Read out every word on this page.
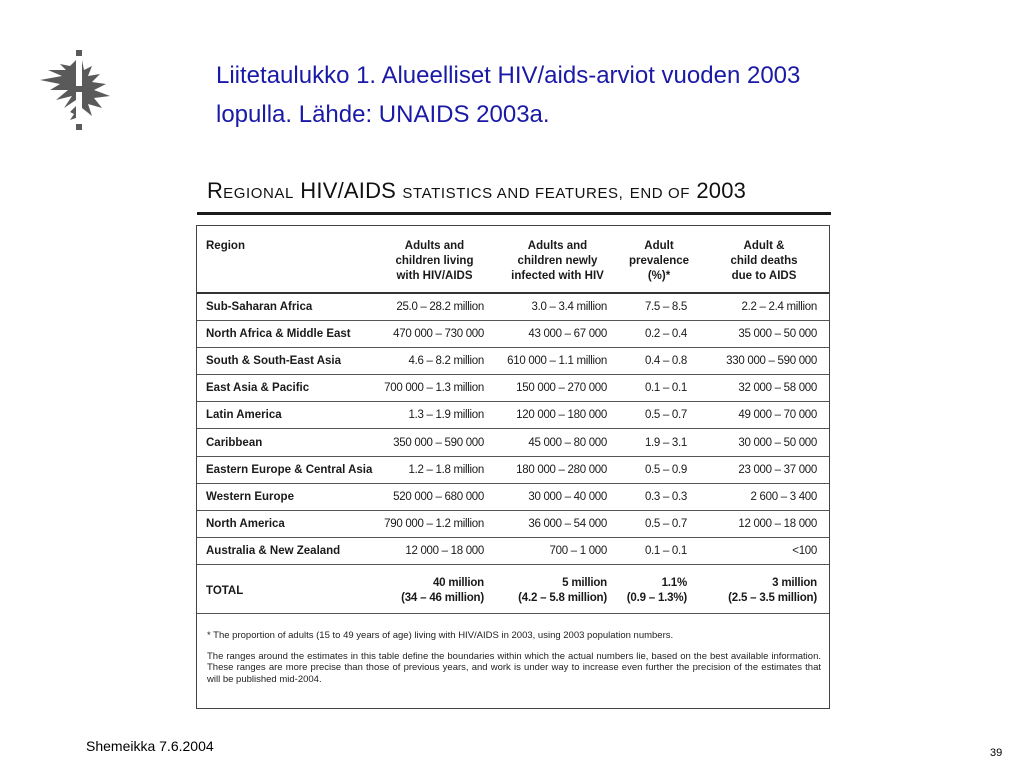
Liitetaulukko 1. Alueelliset HIV/aids-arviot vuoden 2003
lopulla. Lähde: UNAIDS 2003a.
REGIONAL HIV/AIDS STATISTICS AND FEATURES, END OF 2003
Region	Adults and
children living
with HIV/AIDS	Adults and
children newly
infected with HIV	Adult
prevalence
(%)*	Adult &
child deaths
due to AIDS
Sub-Saharan Africa	25.0 – 28.2 million	3.0 – 3.4 million	7.5 – 8.5	2.2 – 2.4 million
North Africa & Middle East	470 000 – 730 000	43 000 – 67 000	0.2 – 0.4	35 000 – 50 000
South & South-East Asia	4.6 – 8.2 million	610 000 – 1.1 million	0.4 – 0.8	330 000 – 590 000
East Asia & Pacific	700 000 – 1.3 million	150 000 – 270 000	0.1 – 0.1	32 000 – 58 000
Latin America	1.3 – 1.9 million	120 000 – 180 000	0.5 – 0.7	49 000 – 70 000
Caribbean	350 000 – 590 000	45 000 – 80 000	1.9 – 3.1	30 000 – 50 000
Eastern Europe & Central Asia	1.2 – 1.8 million	180 000 – 280 000	0.5 – 0.9	23 000 – 37 000
Western Europe	520 000 – 680 000	30 000 – 40 000	0.3 – 0.3	2 600 – 3 400
North America	790 000 – 1.2 million	36 000 – 54 000	0.5 – 0.7	12 000 – 18 000
Australia & New Zealand	12 000 – 18 000	700 – 1 000	0.1 – 0.1	<100
TOTAL	40 million
(34 – 46 million)	5 million
(4.2 – 5.8 million)	1.1%
(0.9 – 1.3%)	3 million
(2.5 – 3.5 million)

* The proportion of adults (15 to 49 years of age) living with HIV/AIDS in 2003, using 2003 population numbers.

The ranges around the estimates in this table define the boundaries within which the actual numbers lie, based on the best available information. These ranges are more precise than those of previous years, and work is under way to increase even further the precision of the estimates that will be published mid-2004.

Shemeikka 7.6.2004	39
